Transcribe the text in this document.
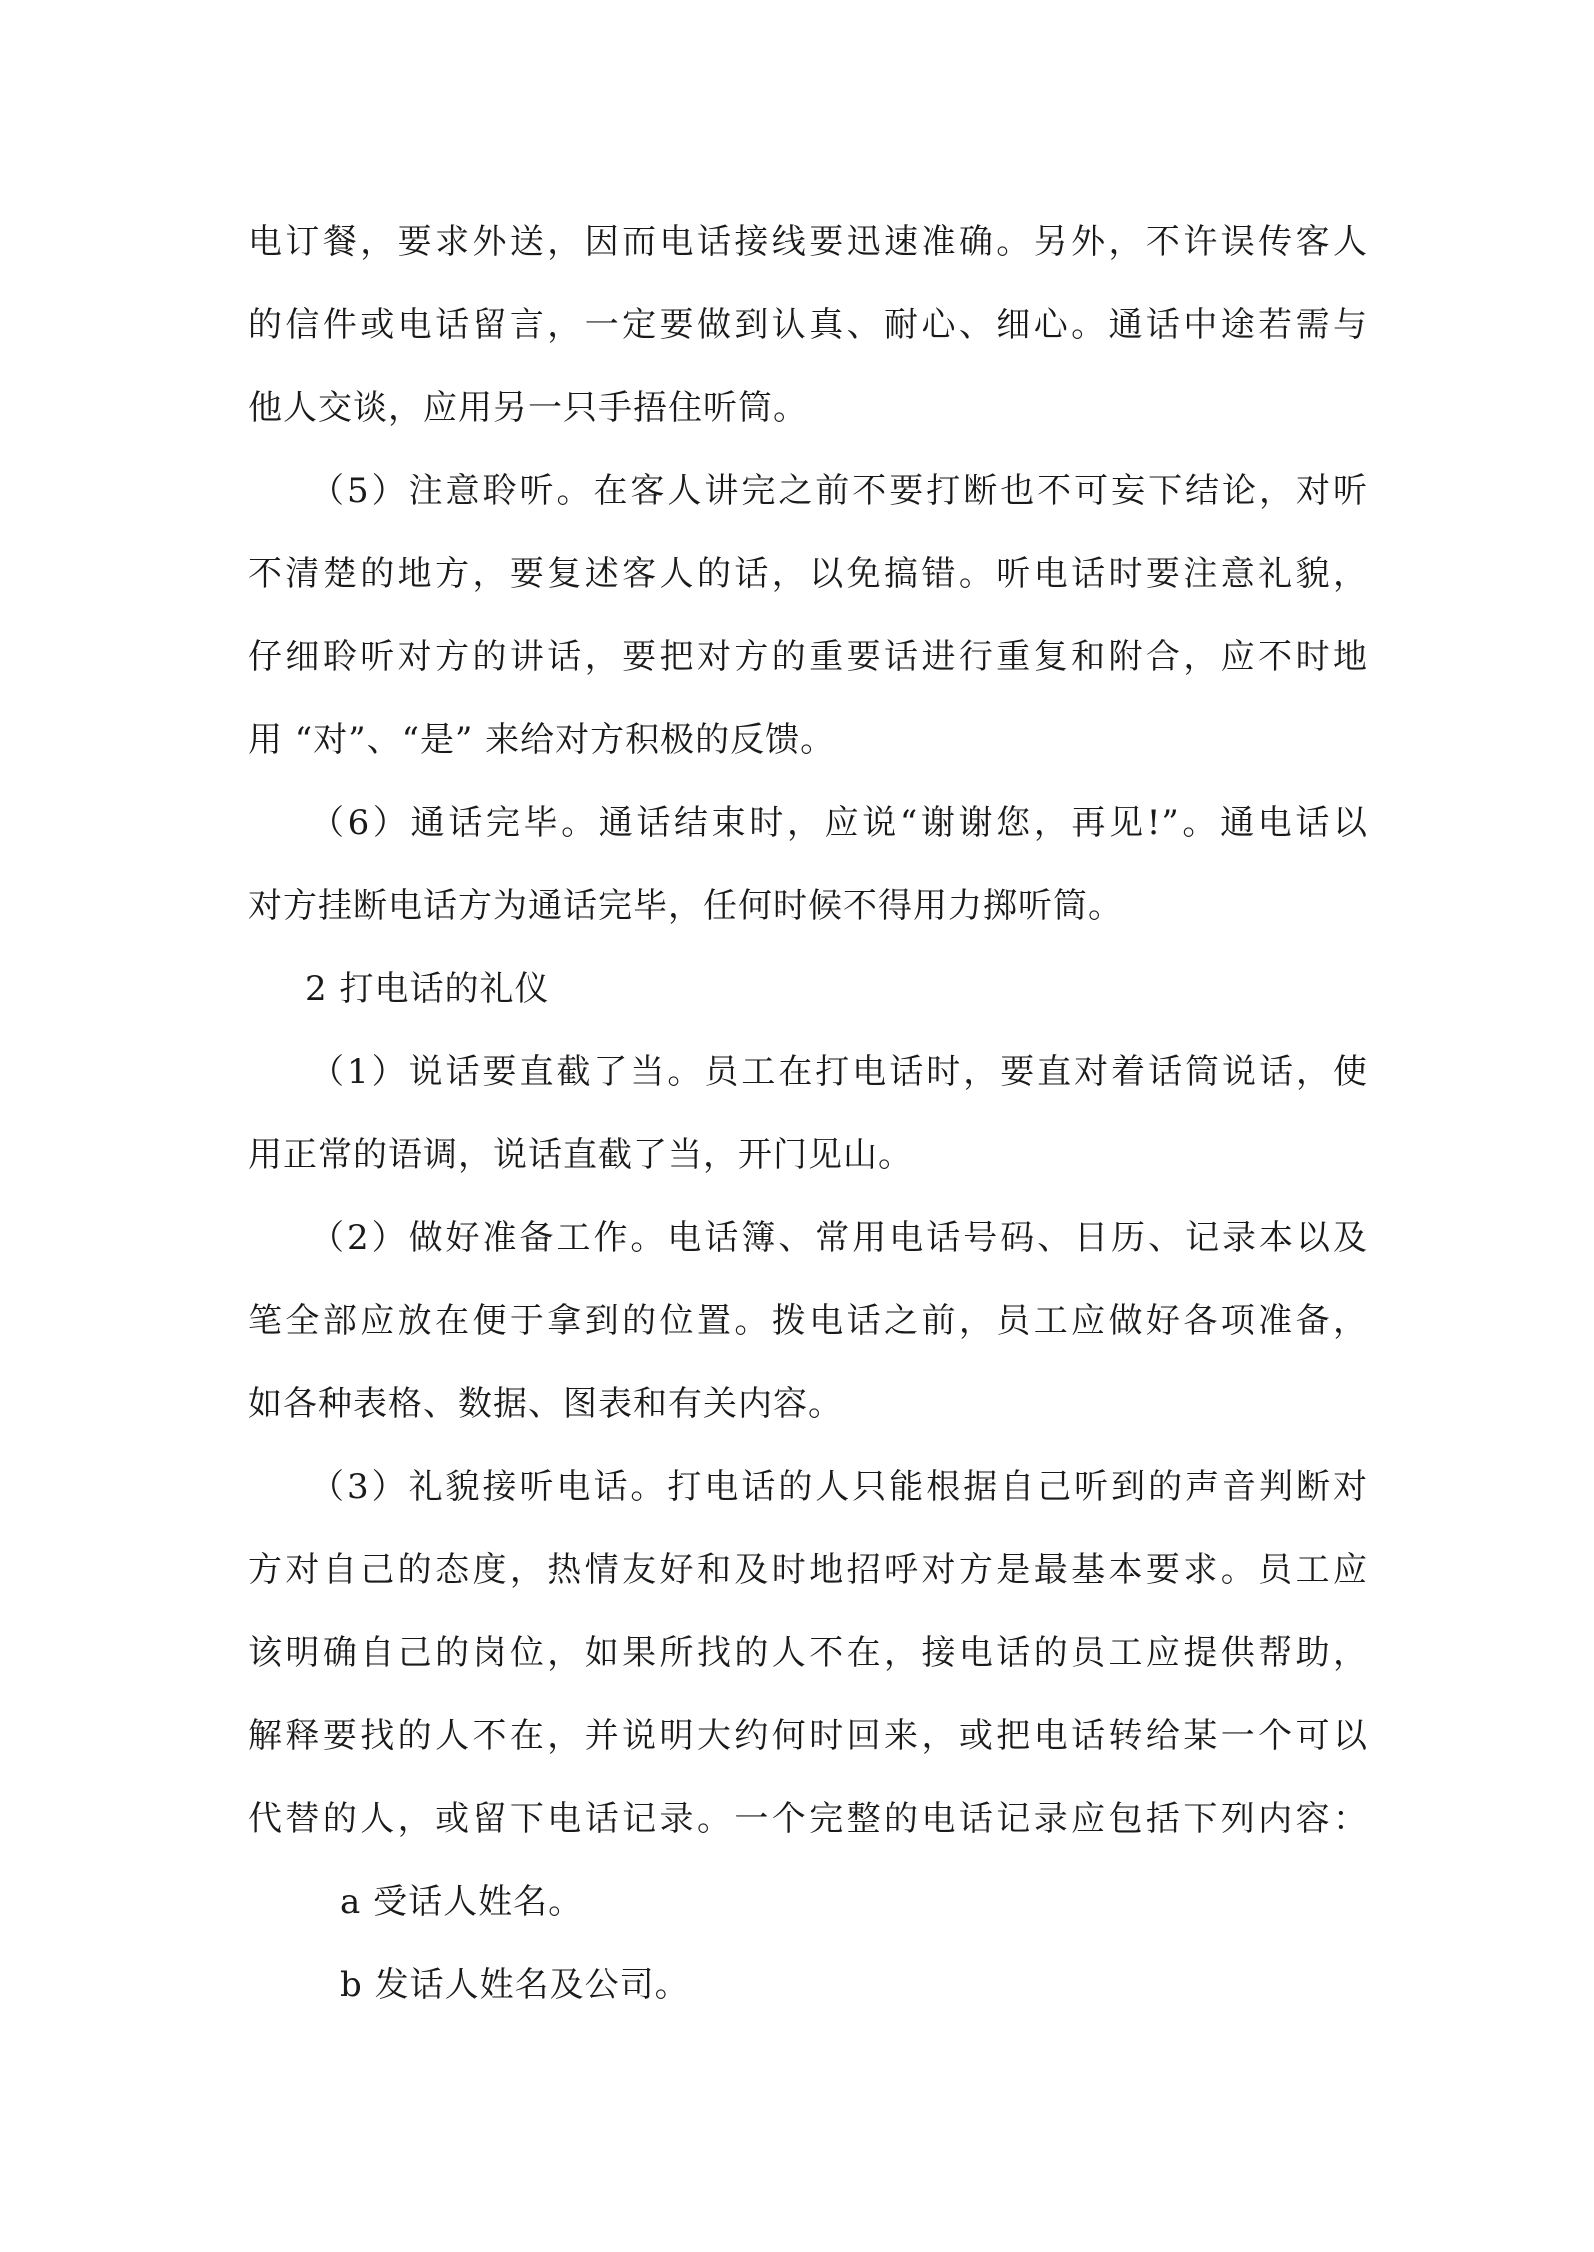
电订餐，要求外送，因而电话接线要迅速准确。另外，不许误传客人
的信件或电话留言，一定要做到认真、耐心、细心。通话中途若需与
他人交谈，应用另一只手捂住听筒。
（5）注意聆听。在客人讲完之前不要打断也不可妄下结论，对听
不清楚的地方，要复述客人的话，以免搞错。听电话时要注意礼貌，
仔细聆听对方的讲话，要把对方的重要话进行重复和附合，应不时地
用 “对”、“是” 来给对方积极的反馈。
（6）通话完毕。通话结束时，应说“谢谢您，再见!”。通电话以
对方挂断电话方为通话完毕，任何时候不得用力掷听筒。
2 打电话的礼仪
（1）说话要直截了当。员工在打电话时，要直对着话筒说话，使
用正常的语调，说话直截了当，开门见山。
（2）做好准备工作。电话簿、常用电话号码、日历、记录本以及
笔全部应放在便于拿到的位置。拨电话之前，员工应做好各项准备，
如各种表格、数据、图表和有关内容。
（3）礼貌接听电话。打电话的人只能根据自己听到的声音判断对
方对自己的态度，热情友好和及时地招呼对方是最基本要求。员工应
该明确自己的岗位，如果所找的人不在，接电话的员工应提供帮助，
解释要找的人不在，并说明大约何时回来，或把电话转给某一个可以
代替的人，或留下电话记录。一个完整的电话记录应包括下列内容：
a 受话人姓名。
b 发话人姓名及公司。
